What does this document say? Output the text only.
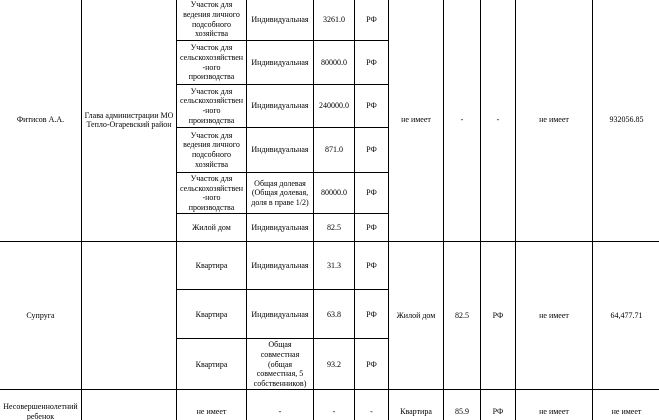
Фитисов А.А.	Глава администрации МО Тепло-Огаревский район	Участок для ведения личного подсобного хозяйства	Индивидуальная	3261.0	РФ	не имеет	-	-	не имеет	932056.85
		Участок для сельскохозяйствен-ного производства	Индивидуальная	80000.0	РФ					
		Участок для сельскохозяйствен-ного производства	Индивидуальная	240000.0	РФ					
		Участок для ведения личного подсобного хозяйства	Индивидуальная	871.0	РФ					
		Участок для сельскохозяйствен-ного производства	Общая долевая (Общая долевая, доля в праве 1/2)	80000.0	РФ					
		Жилой дом	Индивидуальная	82.5	РФ					
Супруга		Квартира	Индивидуальная	31.3	РФ	Жилой дом	82.5	РФ	не имеет	64,477.71
		Квартира	Индивидуальная	63.8	РФ					
		Квартира	Общая совместная (общая совместная, 5 собственников)	93.2	РФ					
Несовершеннолетний ребенок		не имеет	-	-	-	Квартира	85.9	РФ	не имеет	не имеет
